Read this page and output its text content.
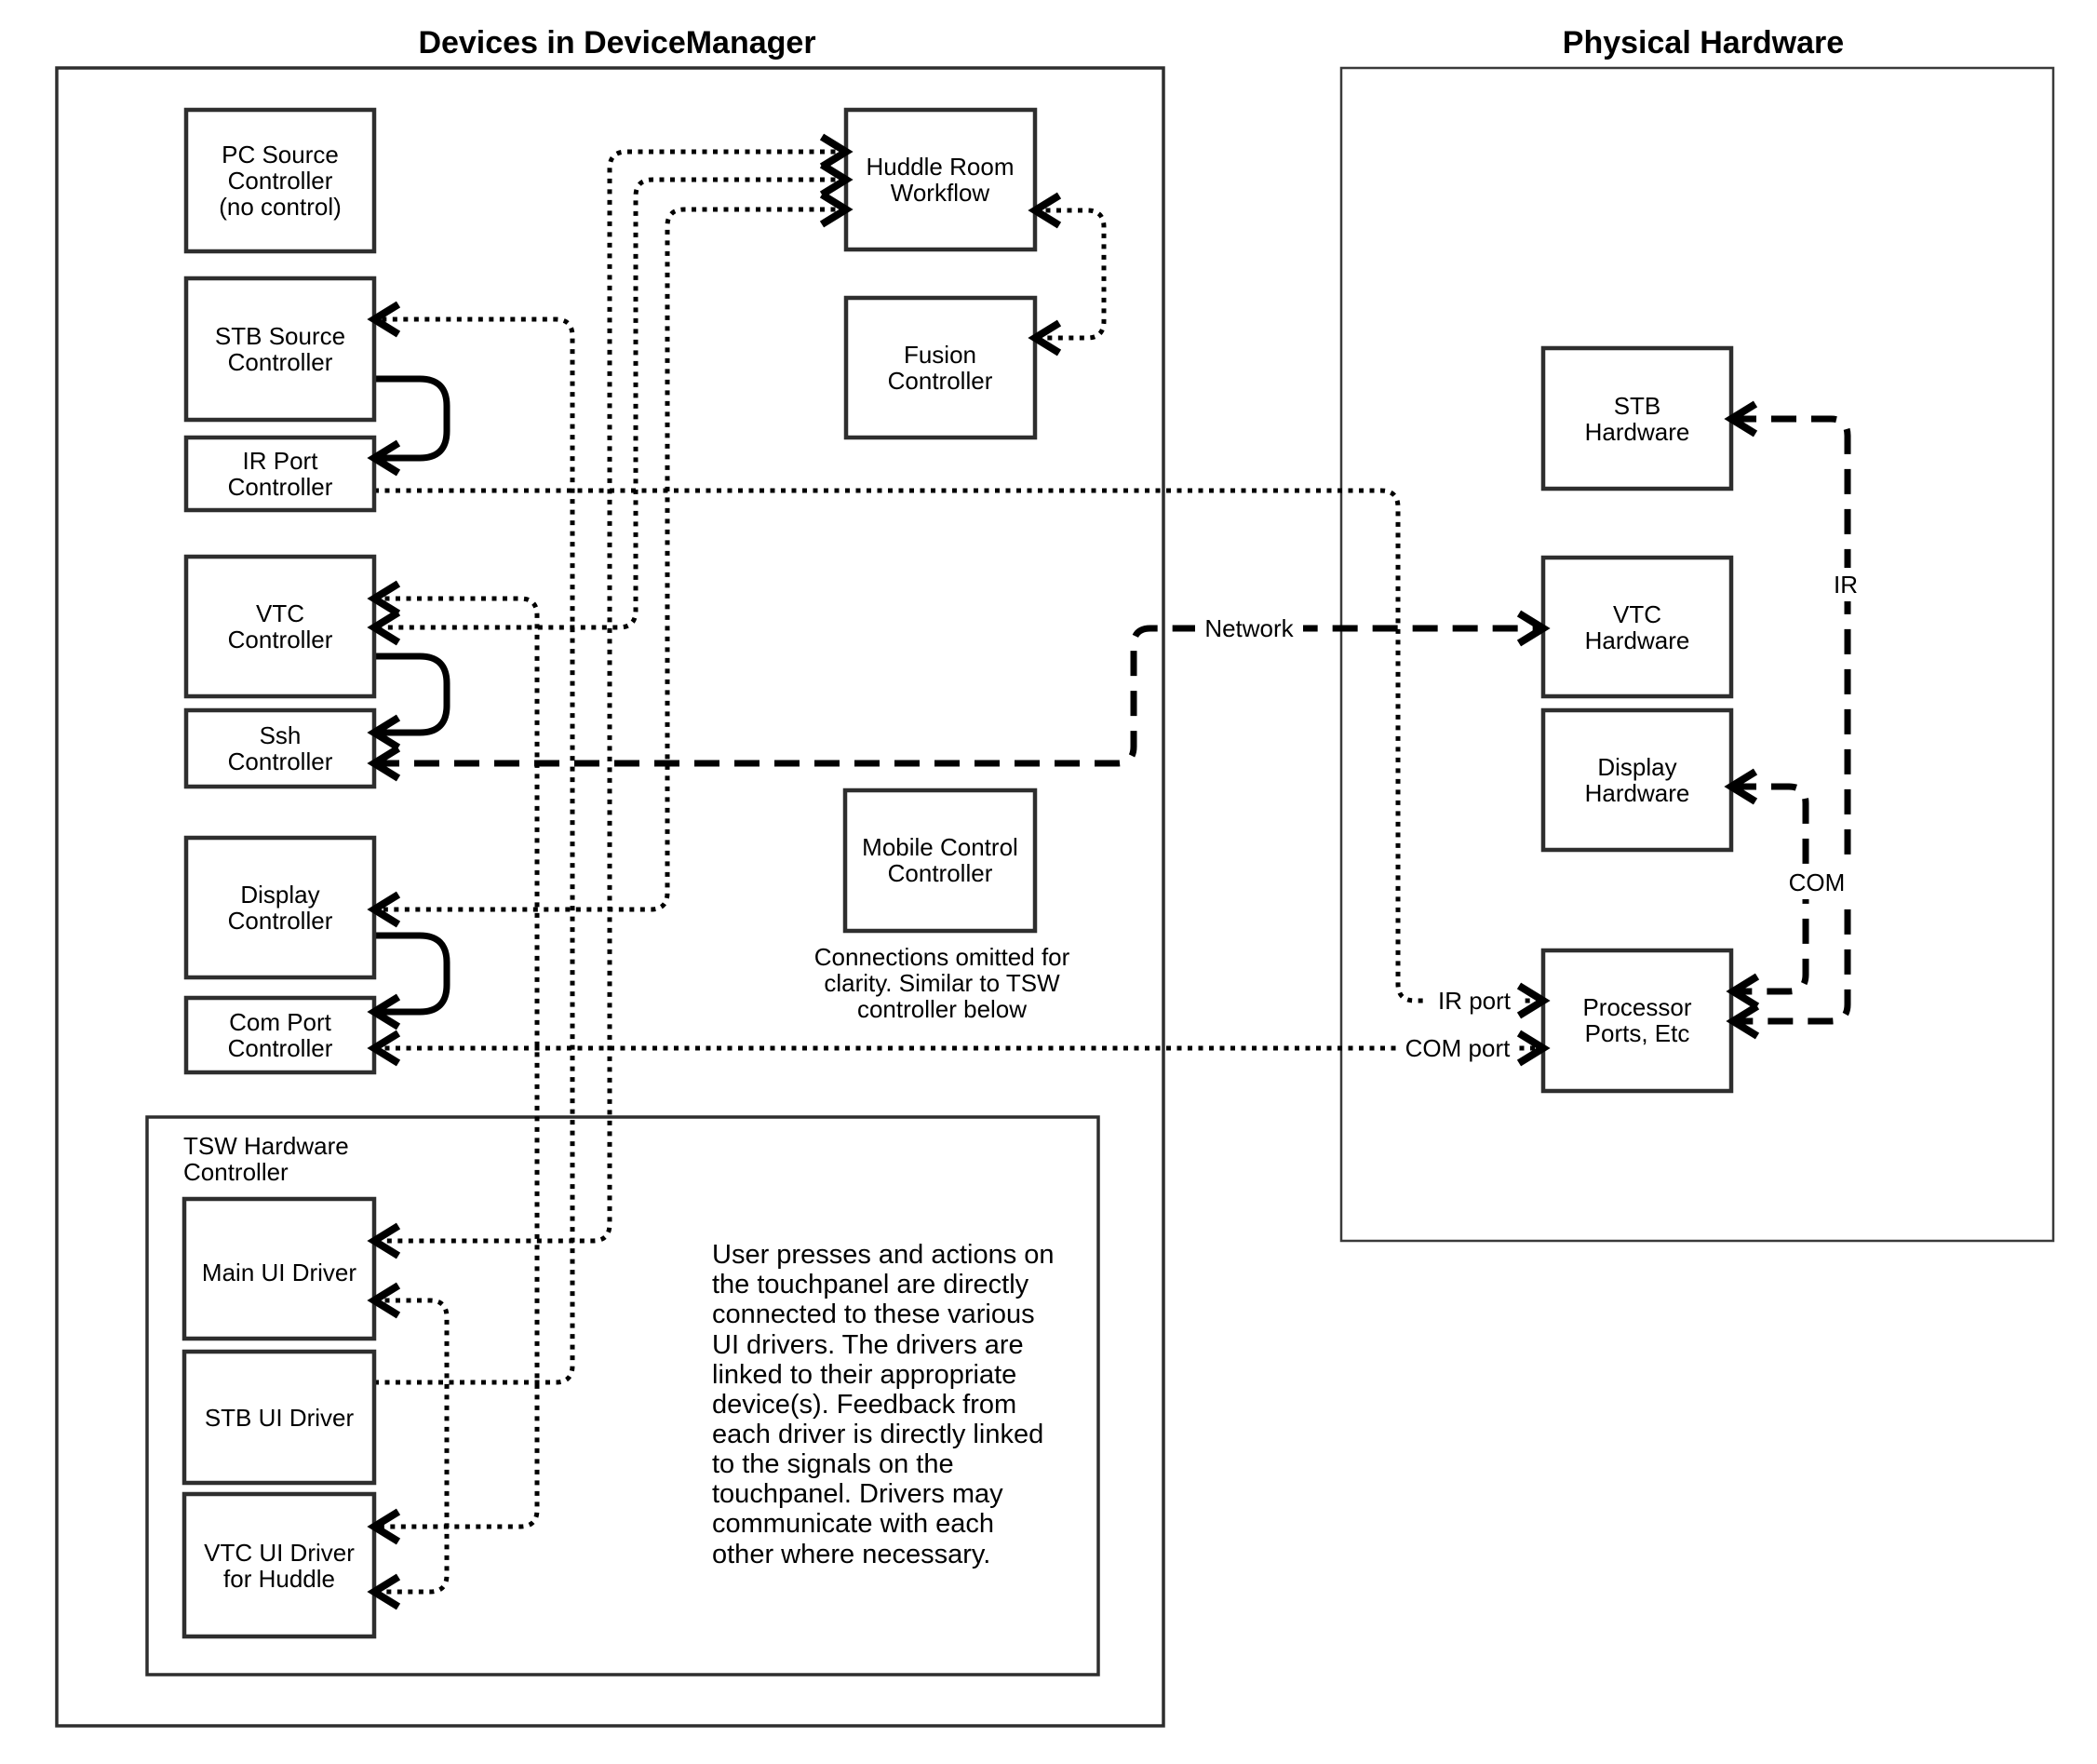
Devices in DeviceManager	Physical Hardware
PC Source
Controller
(no control)
STB Source
Controller
IR Port
Controller
VTC
Controller
Ssh
Controller
Display
Controller
Com Port
Controller
Main UI Driver
STB UI Driver
VTC UI Driver
for Huddle
Huddle Room
Workflow
Fusion
Controller
Mobile Control
Controller
STB
Hardware
VTC
Hardware
Display
Hardware
Processor
Ports, Etc
TSW Hardware
Controller
Network
IR
COM
IR port
COM port
Connections omitted for
clarity. Similar to TSW
controller below
User presses and actions on
the touchpanel are directly
connected to these various
UI drivers. The drivers are
linked to their appropriate
device(s). Feedback from
each driver is directly linked
to the signals on the
touchpanel. Drivers may
communicate with each
other where necessary.
